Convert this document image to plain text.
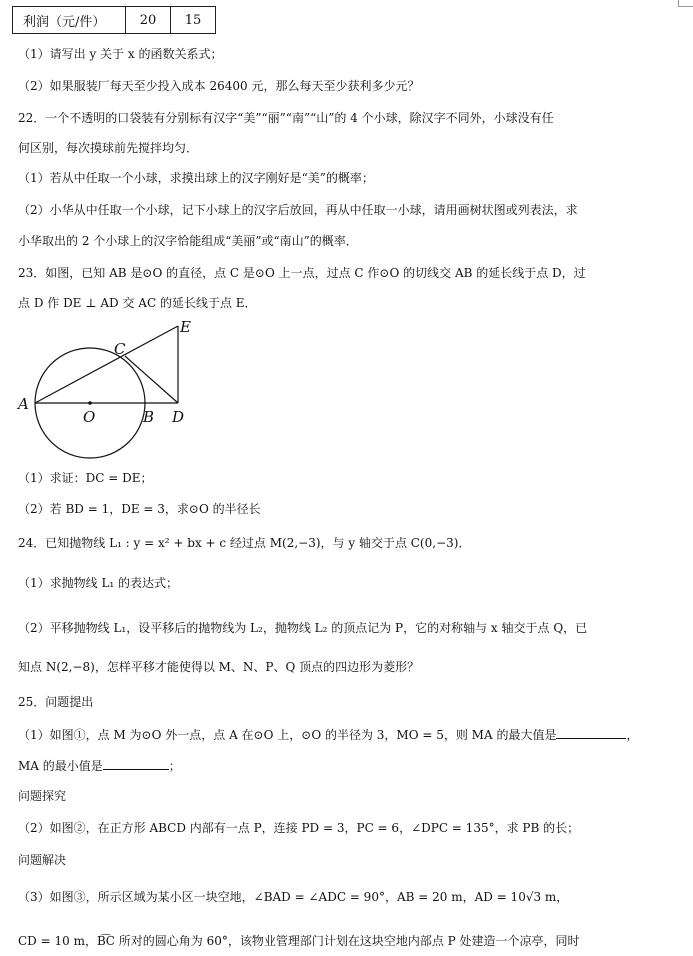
利润（元/件）	20	15
（1）请写出 y 关于 x 的函数关系式；
（2）如果服装厂每天至少投入成本 26400 元，那么每天至少获利多少元？
22．一个不透明的口袋装有分别标有汉字“美”“丽”“南”“山”的 4 个小球，除汉字不同外，小球没有任
何区别，每次摸球前先搅拌均匀．
（1）若从中任取一个小球，求摸出球上的汉字刚好是“美”的概率；
（2）小华从中任取一个小球，记下小球上的汉字后放回，再从中任取一小球，请用画树状图或列表法，求
小华取出的 2 个小球上的汉字恰能组成“美丽”或“南山”的概率．
23．如图，已知 AB 是⊙O 的直径，点 C 是⊙O 上一点，过点 C 作⊙O 的切线交 AB 的延长线于点 D，过
点 D 作 DE ⊥ AD 交 AC 的延长线于点 E．
A
O	B
C
D
E
（1）求证：DC = DE；
（2）若 BD = 1，DE = 3，求⊙O 的半径长
24．已知抛物线 L₁ : y = x² + bx + c 经过点 M(2,−3)，与 y 轴交于点 C(0,−3)．
（1）求抛物线 L₁ 的表达式；
（2）平移抛物线 L₁，设平移后的抛物线为 L₂，抛物线 L₂ 的顶点记为 P，它的对称轴与 x 轴交于点 Q，已
知点 N(2,−8)，怎样平移才能使得以 M、N、P、Q 顶点的四边形为菱形？
25．问题提出
（1）如图①，点 M 为⊙O 外一点，点 A 在⊙O 上，⊙O 的半径为 3，MO = 5，则 MA 的最大值是	，
MA 的最小值是	；
问题探究
（2）如图②，在正方形 ABCD 内部有一点 P，连接 PD = 3，PC = 6，∠DPC = 135°，求 PB 的长；
问题解决
（3）如图③，所示区域为某小区一块空地，∠BAD = ∠ADC = 90°，AB = 20 m，AD = 10√3 m，
CD = 10 m，B͡C 所对的圆心角为 60°，该物业管理部门计划在这块空地内部点 P 处建造一个凉亭，同时
